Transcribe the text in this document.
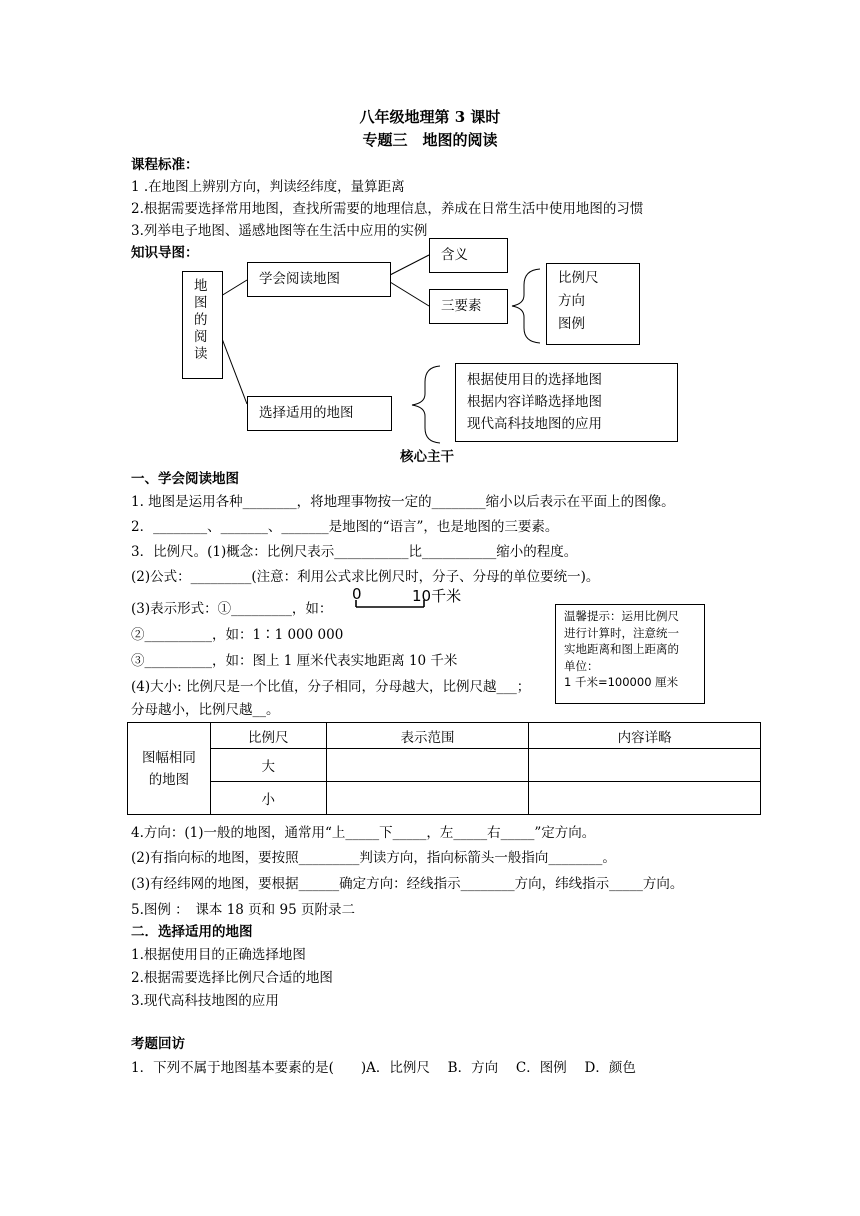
八年级地理第 3 课时
专题三　地图的阅读
课程标准：
1 .在地图上辨别方向，判读经纬度，量算距离
2.根据需要选择常用地图，查找所需要的地理信息，养成在日常生活中使用地图的习惯
3.列举电子地图、遥感地图等在生活中应用的实例
知识导图：
地
图
的
阅
读
学会阅读地图
含义
三要素
比例尺
方向
图例
选择适用的地图
根据使用目的选择地图
根据内容详略选择地图
现代高科技地图的应用
核心主干
一、学会阅读地图
1. 地图是运用各种________，将地理事物按一定的________缩小以后表示在平面上的图像。
2．________、_______、_______是地图的“语言”，也是地图的三要素。
3．比例尺。(1)概念：比例尺表示___________比___________缩小的程度。
(2)公式：_________(注意：利用公式求比例尺时，分子、分母的单位要统一)。
(3)表示形式：①_________，如：
0	10千米
②__________，如：1∶1 000 000
③__________，如：图上 1 厘米代表实地距离 10 千米
(4)大小: 比例尺是一个比值，分子相同，分母越大，比例尺越___；
分母越小，比例尺越__。
温馨提示：运用比例尺
进行计算时，注意统一
实地距离和图上距离的
单位：
1 千米=100000 厘米
图幅相同
的地图	比例尺	表示范围	内容详略
	大		
	小		
4.方向：(1)一般的地图，通常用“上_____下_____，左_____右_____”定方向。
(2)有指向标的地图，要按照_________判读方向，指向标箭头一般指向________。
(3)有经纬网的地图，要根据______确定方向：经线指示________方向，纬线指示_____方向。
5.图例 ：　课本 18 页和 95 页附录二
二．选择适用的地图
1.根据使用目的正确选择地图
2.根据需要选择比例尺合适的地图
3.现代高科技地图的应用
考题回访
1．下列不属于地图基本要素的是(　　)A．比例尺　 B．方向　 C．图例　 D．颜色
